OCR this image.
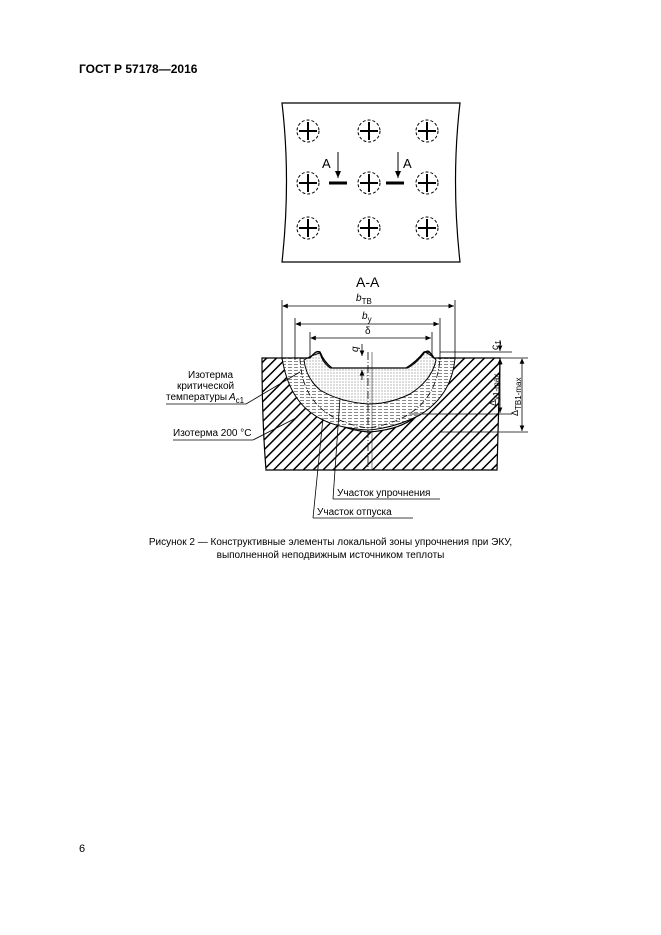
ГОСТ Р 57178—2016
А	А
А-А
$b_{ТВ}$
$b_у$
δ
q	$c_1$
Δу1-max
ΔТВ1-max
Изотерма
критической
температуры $A_{c1}$
Изотерма 200 °C
Участок упрочнения
Участок отпуска
Рисунок 2 — Конструктивные элементы локальной зоны упрочнения при ЭКУ,
выполненной неподвижным источником теплоты
6
